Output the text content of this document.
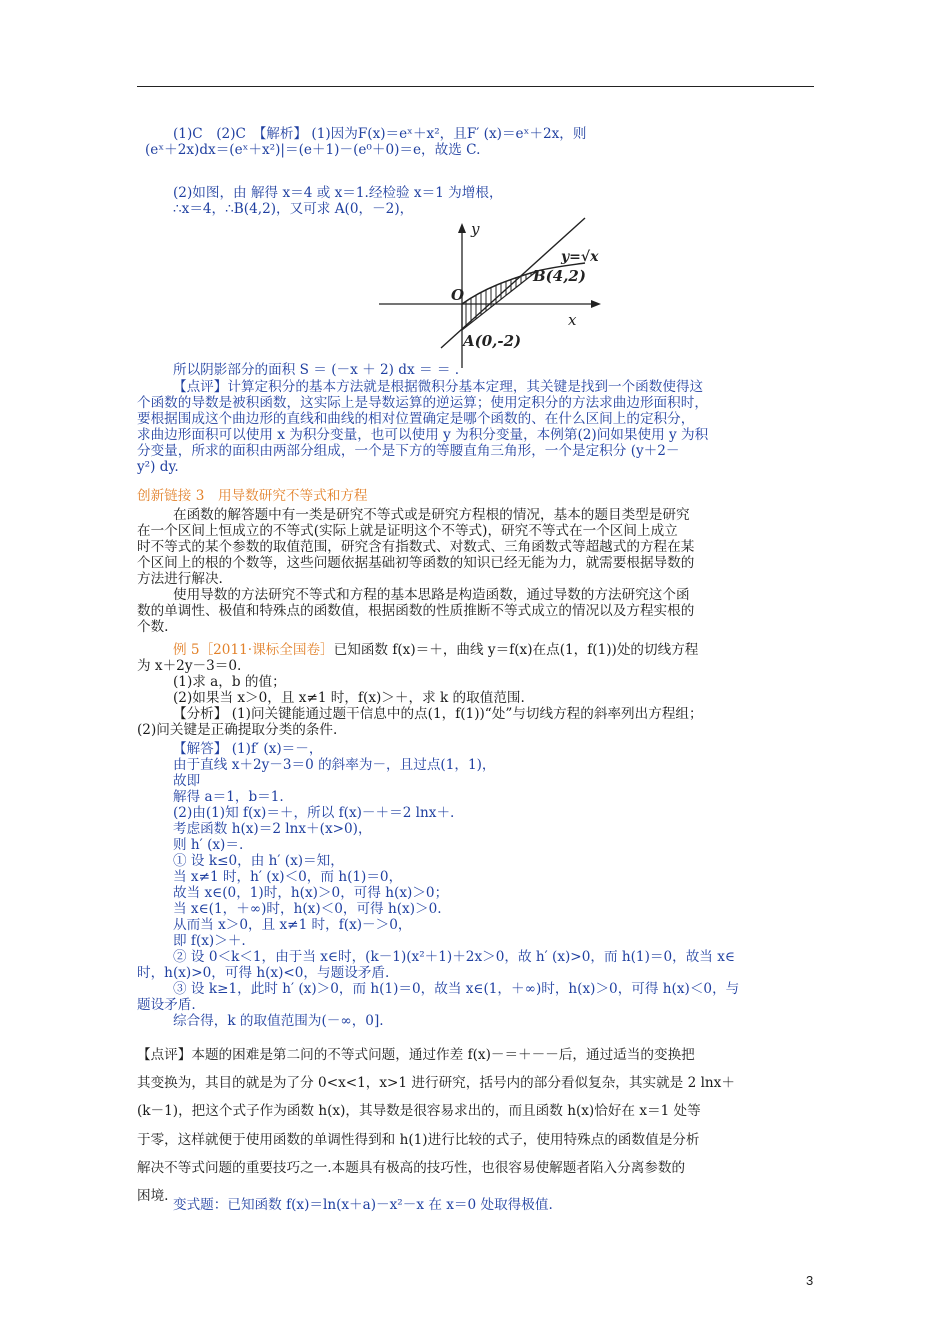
(1)C　(2)C　【解析】 (1)因为F(x)＝eˣ＋x²，且F′ (x)＝eˣ＋2x，则
(eˣ＋2x)dx＝(eˣ＋x²)|＝(e＋1)－(e⁰＋0)＝e，故选 C.
(2)如图，由 解得 x＝4 或 x＝1.经检验 x＝1 为增根，
∴x＝4，∴B(4,2)，又可求 A(0，－2)，
y
x
O
y=√x
B(4,2)
A(0,-2)
所以阴影部分的面积 S ＝ (－x ＋ 2) dx ＝ ＝ .
【点评】计算定积分的基本方法就是根据微积分基本定理，其关键是找到一个函数使得这
个函数的导数是被积函数，这实际上是导数运算的逆运算；使用定积分的方法求曲边形面积时，
要根据围成这个曲边形的直线和曲线的相对位置确定是哪个函数的、在什么区间上的定积分，
求曲边形面积可以使用 x 为积分变量，也可以使用 y 为积分变量，本例第(2)问如果使用 y 为积
分变量，所求的面积由两部分组成，一个是下方的等腰直角三角形，一个是定积分 (y＋2－
y²) dy.
创新链接 3　用导数研究不等式和方程
在函数的解答题中有一类是研究不等式或是研究方程根的情况，基本的题目类型是研究
在一个区间上恒成立的不等式(实际上就是证明这个不等式)，研究不等式在一个区间上成立
时不等式的某个参数的取值范围，研究含有指数式、对数式、三角函数式等超越式的方程在某
个区间上的根的个数等，这些问题依据基础初等函数的知识已经无能为力，就需要根据导数的
方法进行解决.
使用导数的方法研究不等式和方程的基本思路是构造函数，通过导数的方法研究这个函
数的单调性、极值和特殊点的函数值，根据函数的性质推断不等式成立的情况以及方程实根的
个数.
例 5［2011·课标全国卷］已知函数 f(x)＝＋，曲线 y＝f(x)在点(1，f(1))处的切线方程
为 x＋2y－3＝0.
(1)求 a，b 的值；
(2)如果当 x＞0，且 x≠1 时，f(x)＞＋，求 k 的取值范围.
【分析】 (1)问关键能通过题干信息中的点(1，f(1))“处”与切线方程的斜率列出方程组；
(2)问关键是正确提取分类的条件.
【解答】 (1)f′ (x)＝－，
由于直线 x＋2y－3＝0 的斜率为－，且过点(1，1)，
故即
解得 a＝1，b＝1.
(2)由(1)知 f(x)＝＋，所以 f(x)－＋＝2 lnx＋.
考虑函数 h(x)＝2 lnx＋(x>0)，
则 h′ (x)＝.
① 设 k≤0，由 h′ (x)＝知，
当 x≠1 时，h′ (x)＜0，而 h(1)＝0，
故当 x∈(0，1)时，h(x)＞0，可得 h(x)＞0；
当 x∈(1，＋∞)时，h(x)＜0，可得 h(x)＞0.
从而当 x＞0，且 x≠1 时，f(x)－＞0，
即 f(x)＞＋.
② 设 0＜k＜1，由于当 x∈时，(k－1)(x²＋1)＋2x＞0，故 h′ (x)>0，而 h(1)＝0，故当 x∈
时，h(x)>0，可得 h(x)<0，与题设矛盾.
③ 设 k≥1，此时 h′ (x)＞0，而 h(1)＝0，故当 x∈(1，＋∞)时，h(x)＞0，可得 h(x)＜0，与
题设矛盾.
综合得，k 的取值范围为(－∞，0].
【点评】本题的困难是第二问的不等式问题，通过作差 f(x)－＝＋－－后，通过适当的变换把
其变换为，其目的就是为了分 0<x<1，x>1 进行研究，括号内的部分看似复杂，其实就是 2 lnx＋
(k－1)，把这个式子作为函数 h(x)，其导数是很容易求出的，而且函数 h(x)恰好在 x＝1 处等
于零，这样就便于使用函数的单调性得到和 h(1)进行比较的式子，使用特殊点的函数值是分析
解决不等式问题的重要技巧之一.本题具有极高的技巧性，也很容易使解题者陷入分离参数的
困境.
变式题：已知函数 f(x)＝ln(x＋a)－x²－x 在 x＝0 处取得极值.
3
